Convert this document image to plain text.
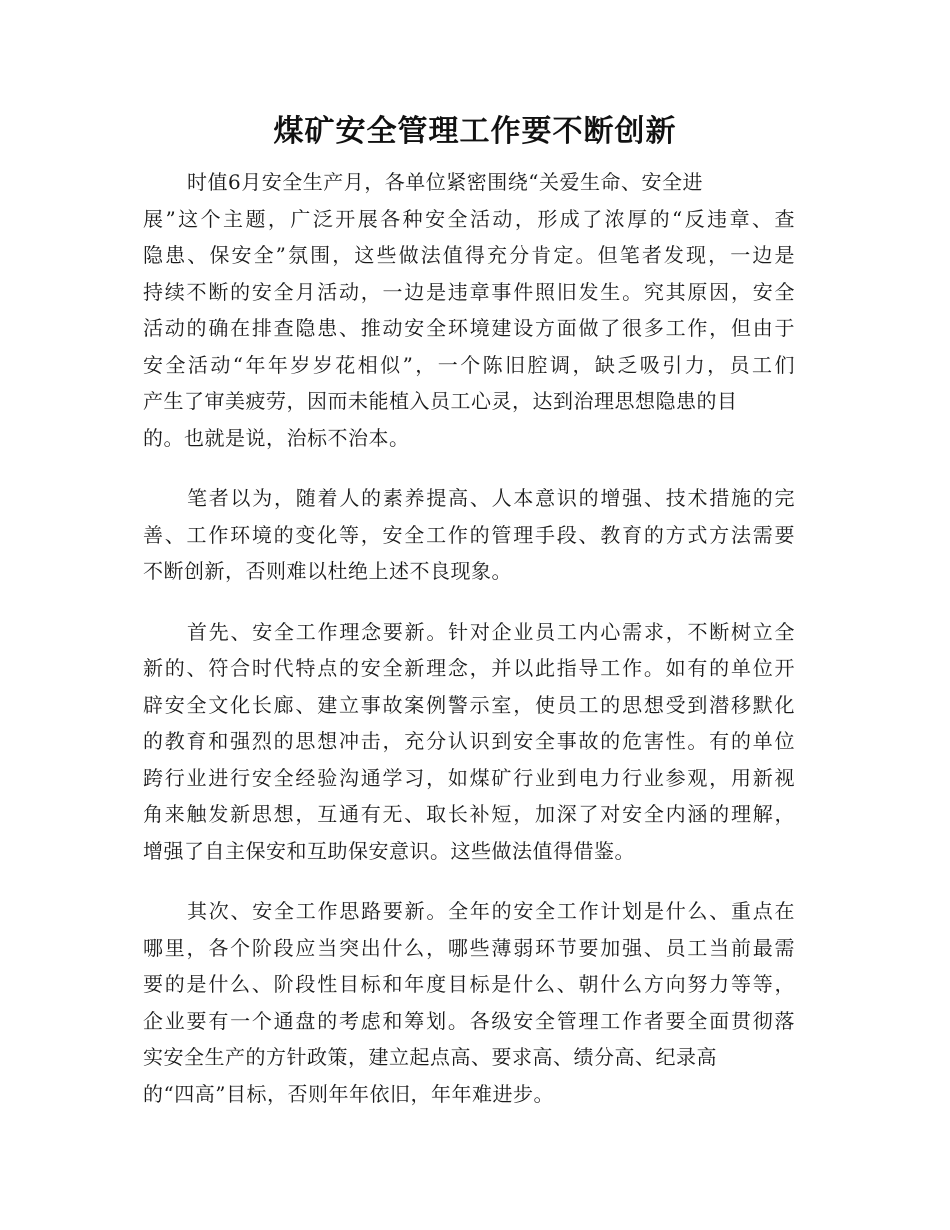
煤矿安全管理工作要不断创新
时值6月安全生产月，各单位紧密围绕“关爱生命、安全进
展”这个主题，广泛开展各种安全活动，形成了浓厚的“反违章、查
隐患、保安全”氛围，这些做法值得充分肯定。但笔者发现，一边是
持续不断的安全月活动，一边是违章事件照旧发生。究其原因，安全
活动的确在排查隐患、推动安全环境建设方面做了很多工作，但由于
安全活动“年年岁岁花相似”，一个陈旧腔调，缺乏吸引力，员工们
产生了审美疲劳，因而未能植入员工心灵，达到治理思想隐患的目
的。也就是说，治标不治本。
笔者以为，随着人的素养提高、人本意识的增强、技术措施的完
善、工作环境的变化等，安全工作的管理手段、教育的方式方法需要
不断创新，否则难以杜绝上述不良现象。
首先、安全工作理念要新。针对企业员工内心需求，不断树立全
新的、符合时代特点的安全新理念，并以此指导工作。如有的单位开
辟安全文化长廊、建立事故案例警示室，使员工的思想受到潜移默化
的教育和强烈的思想冲击，充分认识到安全事故的危害性。有的单位
跨行业进行安全经验沟通学习，如煤矿行业到电力行业参观，用新视
角来触发新思想，互通有无、取长补短，加深了对安全内涵的理解，
增强了自主保安和互助保安意识。这些做法值得借鉴。
其次、安全工作思路要新。全年的安全工作计划是什么、重点在
哪里，各个阶段应当突出什么，哪些薄弱环节要加强、员工当前最需
要的是什么、阶段性目标和年度目标是什么、朝什么方向努力等等，
企业要有一个通盘的考虑和筹划。各级安全管理工作者要全面贯彻落
实安全生产的方针政策，建立起点高、要求高、绩分高、纪录高
的“四高”目标，否则年年依旧，年年难进步。
